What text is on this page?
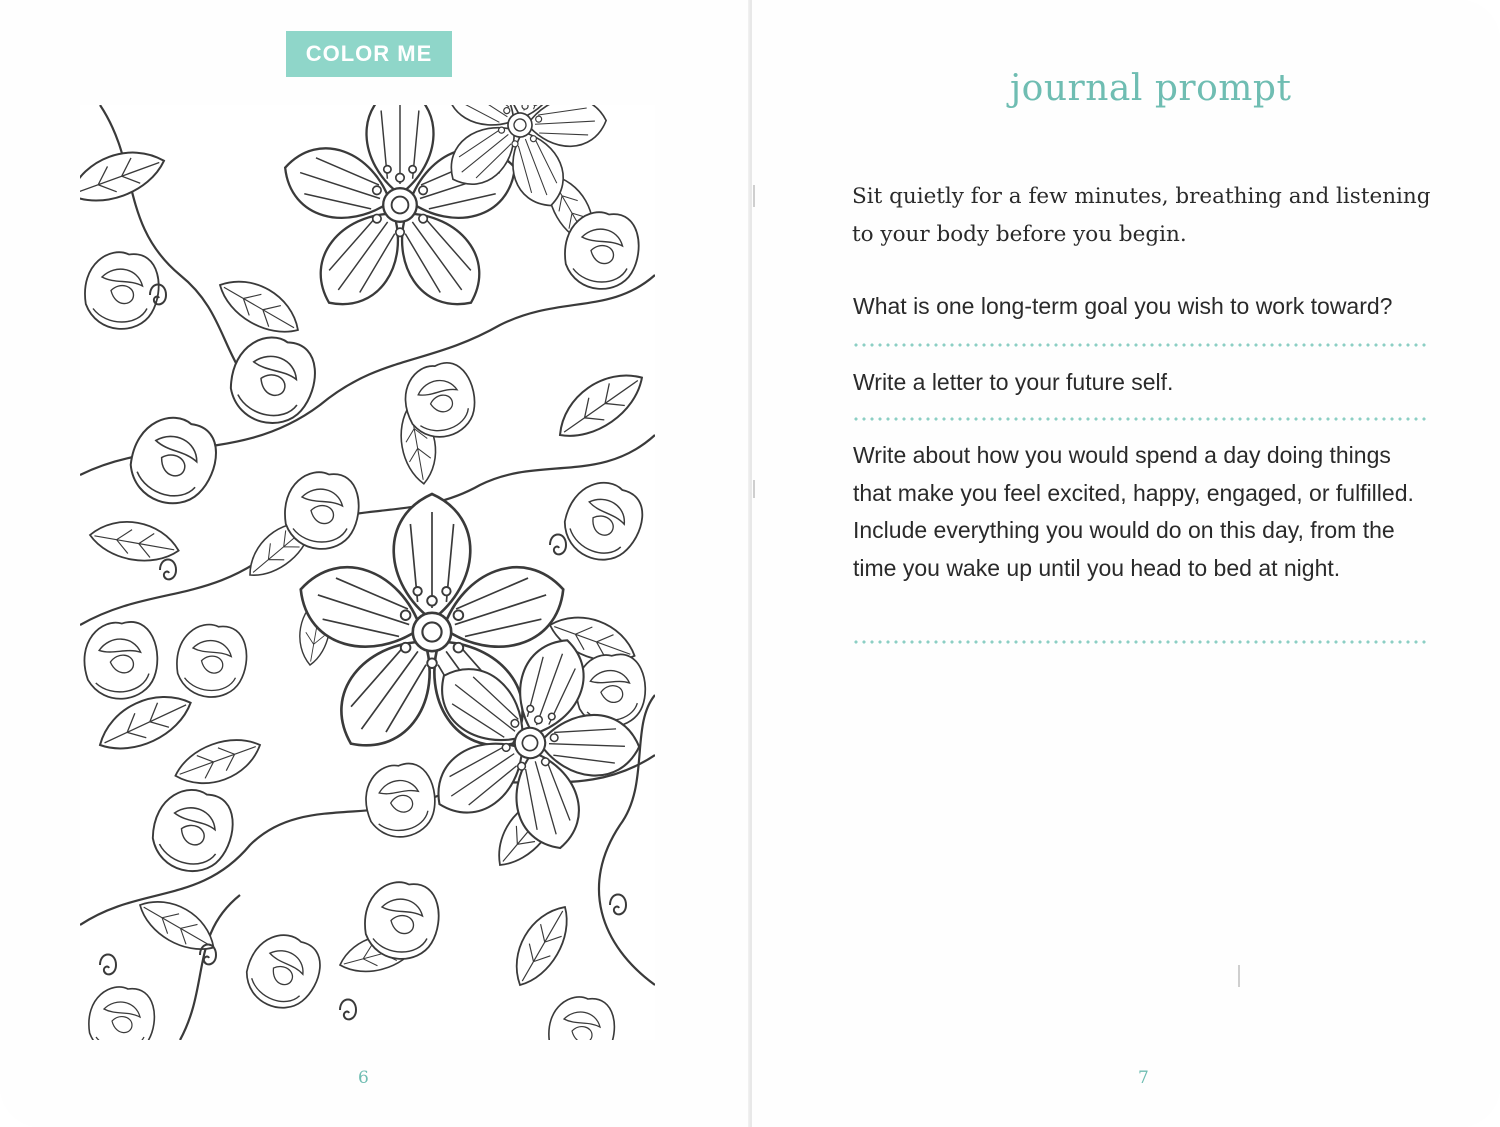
COLOR ME
6
journal prompt
Sit quietly for a few minutes, breathing and listening to your body before you begin.
What is one long-term goal you wish to work toward?
Write a letter to your future self.
Write about how you would spend a day doing things that make you feel excited, happy, engaged, or fulfilled. Include everything you would do on this day, from the time you wake up until you head to bed at night.
7
